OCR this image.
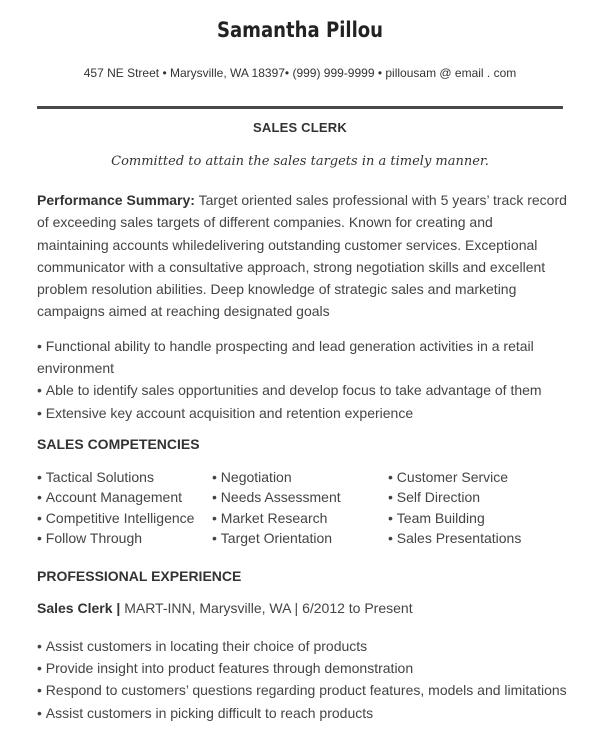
Samantha Pillou
457 NE Street • Marysville, WA 18397• (999) 999-9999 • pillousam @ email . com
SALES CLERK
Committed to attain the sales targets in a timely manner.
Performance Summary: Target oriented sales professional with 5 years’ track record of exceeding sales targets of different companies. Known for creating and maintaining accounts whiledelivering outstanding customer services. Exceptional communicator with a consultative approach, strong negotiation skills and excellent problem resolution abilities. Deep knowledge of strategic sales and marketing campaigns aimed at reaching designated goals
• Functional ability to handle prospecting and lead generation activities in a retail environment
• Able to identify sales opportunities and develop focus to take advantage of them
• Extensive key account acquisition and retention experience
SALES COMPETENCIES
• Tactical Solutions
• Account Management
• Competitive Intelligence
• Follow Through
• Negotiation
• Needs Assessment
• Market Research
• Target Orientation
• Customer Service
• Self Direction
• Team Building
• Sales Presentations
PROFESSIONAL EXPERIENCE
Sales Clerk | MART-INN, Marysville, WA | 6/2012 to Present
• Assist customers in locating their choice of products
• Provide insight into product features through demonstration
• Respond to customers’ questions regarding product features, models and limitations
• Assist customers in picking difficult to reach products
